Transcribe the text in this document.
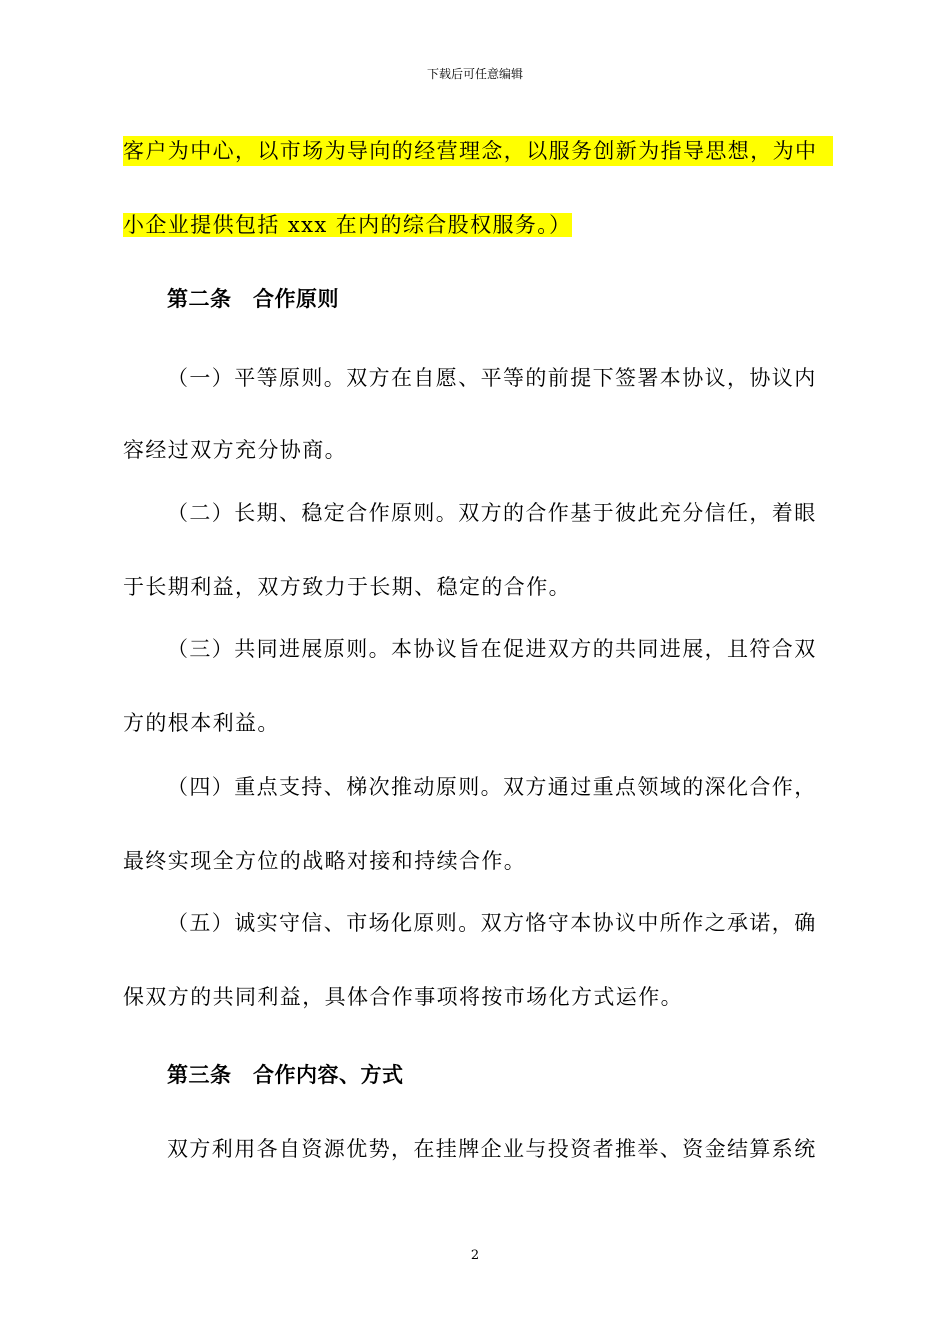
下载后可任意编辑
客户为中心，以市场为导向的经营理念，以服务创新为指导思想，为中
小企业提供包括 xxx 在内的综合股权服务。）
第二条　合作原则
（一）平等原则。双方在自愿、平等的前提下签署本协议，协议内
容经过双方充分协商。
（二）长期、稳定合作原则。双方的合作基于彼此充分信任，着眼
于长期利益，双方致力于长期、稳定的合作。
（三）共同进展原则。本协议旨在促进双方的共同进展，且符合双
方的根本利益。
（四）重点支持、梯次推动原则。双方通过重点领域的深化合作，
最终实现全方位的战略对接和持续合作。
（五）诚实守信、市场化原则。双方恪守本协议中所作之承诺，确
保双方的共同利益，具体合作事项将按市场化方式运作。
第三条　合作内容、方式
双方利用各自资源优势，在挂牌企业与投资者推举、资金结算系统
2
